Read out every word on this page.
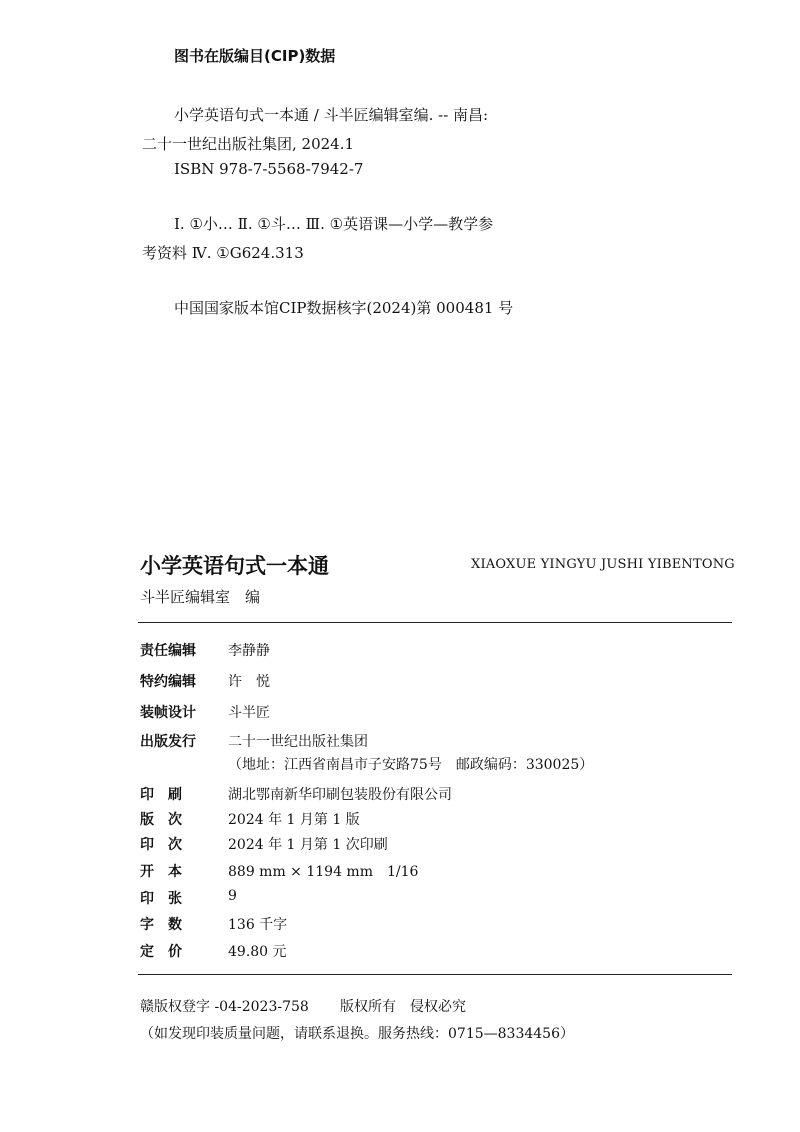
图书在版编目(CIP)数据
小学英语句式一本通 / 斗半匠编辑室编. -- 南昌:
二十一世纪出版社集团, 2024.1
ISBN 978-7-5568-7942-7
Ⅰ. ①小… Ⅱ. ①斗… Ⅲ. ①英语课—小学—教学参
考资料 Ⅳ. ①G624.313
中国国家版本馆CIP数据核字(2024)第 000481 号
小学英语句式一本通	XIAOXUE YINGYU JUSHI YIBENTONG
斗半匠编辑室　编
责任编辑 李静静
特约编辑 许　悦
装帧设计 斗半匠
出版发行 二十一世纪出版社集团
（地址：江西省南昌市子安路75号　邮政编码：330025）
印刷 湖北鄂南新华印刷包装股份有限公司
版次 2024 年 1 月第 1 版
印次 2024 年 1 月第 1 次印刷
开本 889 mm × 1194 mm　1/16
印张 9
字数 136 千字
定价 49.80 元
赣版权登字 -04-2023-758 版权所有　侵权必究
（如发现印装质量问题，请联系退换。服务热线：0715—8334456）
